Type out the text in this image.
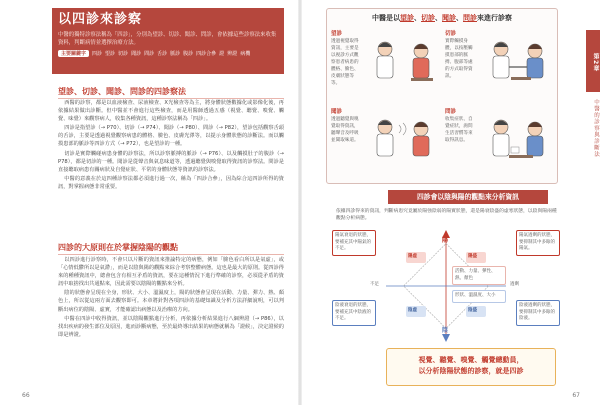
以四診來診察
中醫的獨特診察法稱為「四診」，分別為望診、切診、聞診、問診，會依據這些診察法來收集資料，判斷病情並選擇治療方法。
主要關鍵字	四診 望診 切診 聞診 問診 舌診 脈診 腹診 四診合參 證 辨證 病機
望診、切診、聞診、問診的四診察法

西醫的診察，都是以血液檢查、尿液檢查、X光檢查等為主，將身體狀態數據化或影像化後，再依據結果做出診斷。但中醫並不會進行這些檢查，而是用醫師透過五感（視覺、聽覺、嗅覺、觸覺、味覺）來觀察病人，收集各種資訊，這種診察法稱為「四診」。

四診是指望診（→ P70）、切診（→ P74）、聞診（→ P80）、問診（→ P82），望診包括觀察舌頭的舌診，主要是透過視覺觀察病患的體格、臉色、皮膚光澤等，以提示身體狀態的診斷法。而以觸摸患部的脈診等四診方式（→ P72），也是望診的一種。

切診是實際觸碰病患身體的診察法，所以診察脈搏的脈診（→ P76）、以及觸摸肚子的腹診（→ P78），都是切診的一種。聞診是從聲音與氣息味道等，透過聽覺與嗅覺取得資訊的診察法。問診是直接聽取病患有關病狀及自覺症狀、平常的身體狀態等資訊的診察法。

中醫的意義在於這四種診察法都必須進行過一次，稱為「四診合參」，因為綜合這四診所得的資訊，對掌握病態非常重要。

四診的大原則在於掌握陰陽的觀點

以四診進行診察時，不會只以片斷的資訊來推論特定的病態，例如「臉色看白所以是氣虛」，或「心情低鬱所以是氣滯」，而是以陰與陽的觀點來綜合考察整體病態。這也是最大的原則。從四診得來的種種資訊中，總會包含有相互矛盾的資訊，要在這種情況下進行準確的診察，必須從矛盾的資訊中取捨找出共通點來，因此需要以陰陽的觀點來分析。

陰的狀態會呈現在全身，形狀、大小、溫濕度上，陽的狀態會呈現在活動、力量、彈力、熱、顏色上，所以從這兩方面去觀察即可。本章將針對各項四診的基礎知識及分析方法詳細說明，可以判斷出病位的陰陽、虛實，才能確認出病態以及治療的方向。

中醫在四診中收得資訊，並以陰陽觀點進行分析，再依據分析結果進行八綱辨證（→ P86），以找出疾病的發生部位及原因，進而診斷病態，至於最終導出結果的病態就稱為「證候」，決定證候的即是辨證。

66
中醫是以望診、切診、聞診、問診來進行診察
望診
透過視覺取得資訊，主要是以視診方式觀察患者病患的體格、臉色、皮膚狀態等等。
切診
實際觸摸身體，以按壓觸摸患部的脈搏、腹部等處的方式取得資訊。
聞診
透過聽覺與嗅覺取得資訊，聽聲音及呼吸並聞取味道。
問診
收集症狀、自覺症狀，詢問生活習慣等來取得訊息。
第2章
中醫的診察與診斷法
四診會以陰與陽的觀點來分析資訊
依據四診得來的資訊，判斷病患究竟屬於陽強陰弱的陽實狀態，還是陽衰陰盛的虛寒狀態，以陰與陽兩種觀點分析病態。
陽氣衰退的狀態，要補充其中陽氣的不足。
陽氣過剩的狀態，要抑制其中多餘的陽氣。
陰液衰退的狀態，要補充其中陰液的不足。
陰液過剩的狀態，要抑制其中多餘的陰液。
陽
陰
陽盛
陽虛
陰盛
陰虛
過剩
不足
活動、力量、彈性、熱、顏色
形狀、溫濕度、大小
視覺、聽覺、嗅覺、觸覺總動員，
以分析陰陽狀態的診察，就是四診
67
